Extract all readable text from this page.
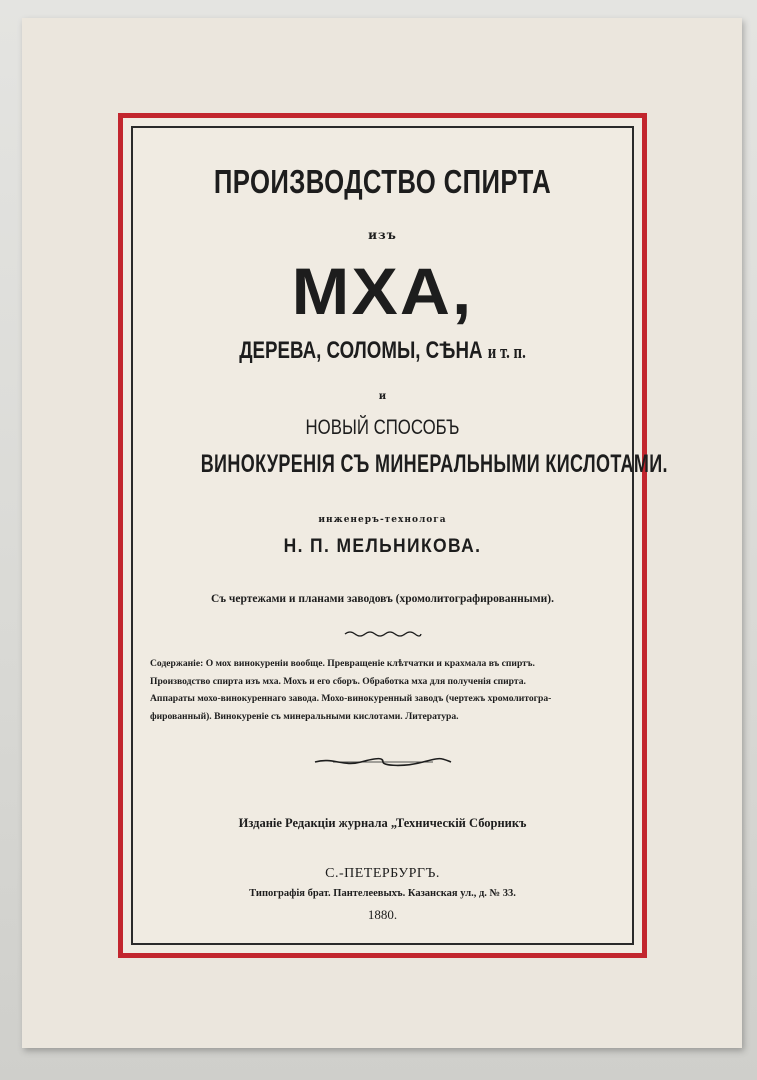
ПРОИЗВОДСТВО СПИРТА
изъ
МХА,
ДЕРЕВА, СОЛОМЫ, СѢНА и т. п.
и
НОВЫЙ СПОСОБЪ
ВИНОКУРЕНІЯ СЪ МИНЕРАЛЬНЫМИ КИСЛОТАМИ.
инженеръ-технолога
Н. П. МЕЛЬНИКОВА.
Съ чертежами и планами заводовъ (хромолитографированными).
Содержаніе: О мох винокуреніи вообще. Превращеніе клѣтчатки и крахмала въ спиртъ.
Производство спирта изъ мха. Мохъ и его сборъ. Обработка мха для полученія спирта.
Аппараты мохо-винокуреннаго завода. Мохо-винокуренный заводъ (чертежъ хромолитогра-
фированный). Винокуреніе съ минеральными кислотами. Литература.
Изданіе Редакціи журнала „Техническій Сборникъ
С.-ПЕТЕРБУРГЪ.
Типографія брат. Пантелеевыхъ. Казанская ул., д. № 33.
1880.
